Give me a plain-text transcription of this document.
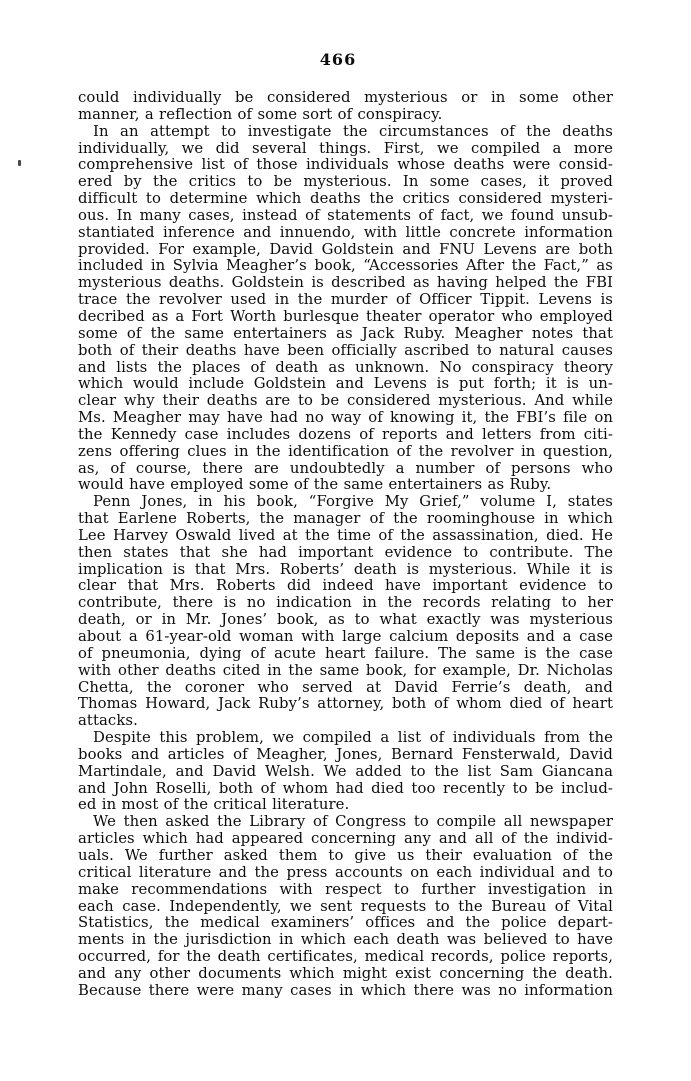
466
could individually be considered mysterious or in some other
manner, a reflection of some sort of conspiracy.
In an attempt to investigate the circumstances of the deaths
individually, we did several things. First, we compiled a more
comprehensive list of those individuals whose deaths were consid-
ered by the critics to be mysterious. In some cases, it proved
difficult to determine which deaths the critics considered mysteri-
ous. In many cases, instead of statements of fact, we found unsub-
stantiated inference and innuendo, with little concrete information
provided. For example, David Goldstein and FNU Levens are both
included in Sylvia Meagher’s book, “Accessories After the Fact,” as
mysterious deaths. Goldstein is described as having helped the FBI
trace the revolver used in the murder of Officer Tippit. Levens is
decribed as a Fort Worth burlesque theater operator who employed
some of the same entertainers as Jack Ruby. Meagher notes that
both of their deaths have been officially ascribed to natural causes
and lists the places of death as unknown. No conspiracy theory
which would include Goldstein and Levens is put forth; it is un-
clear why their deaths are to be considered mysterious. And while
Ms. Meagher may have had no way of knowing it, the FBI’s file on
the Kennedy case includes dozens of reports and letters from citi-
zens offering clues in the identification of the revolver in question,
as, of course, there are undoubtedly a number of persons who
would have employed some of the same entertainers as Ruby.
Penn Jones, in his book, “Forgive My Grief,” volume I, states
that Earlene Roberts, the manager of the roominghouse in which
Lee Harvey Oswald lived at the time of the assassination, died. He
then states that she had important evidence to contribute. The
implication is that Mrs. Roberts’ death is mysterious. While it is
clear that Mrs. Roberts did indeed have important evidence to
contribute, there is no indication in the records relating to her
death, or in Mr. Jones’ book, as to what exactly was mysterious
about a 61-year-old woman with large calcium deposits and a case
of pneumonia, dying of acute heart failure. The same is the case
with other deaths cited in the same book, for example, Dr. Nicholas
Chetta, the coroner who served at David Ferrie’s death, and
Thomas Howard, Jack Ruby’s attorney, both of whom died of heart
attacks.
Despite this problem, we compiled a list of individuals from the
books and articles of Meagher, Jones, Bernard Fensterwald, David
Martindale, and David Welsh. We added to the list Sam Giancana
and John Roselli, both of whom had died too recently to be includ-
ed in most of the critical literature.
We then asked the Library of Congress to compile all newspaper
articles which had appeared concerning any and all of the individ-
uals. We further asked them to give us their evaluation of the
critical literature and the press accounts on each individual and to
make recommendations with respect to further investigation in
each case. Independently, we sent requests to the Bureau of Vital
Statistics, the medical examiners’ offices and the police depart-
ments in the jurisdiction in which each death was believed to have
occurred, for the death certificates, medical records, police reports,
and any other documents which might exist concerning the death.
Because there were many cases in which there was no information
